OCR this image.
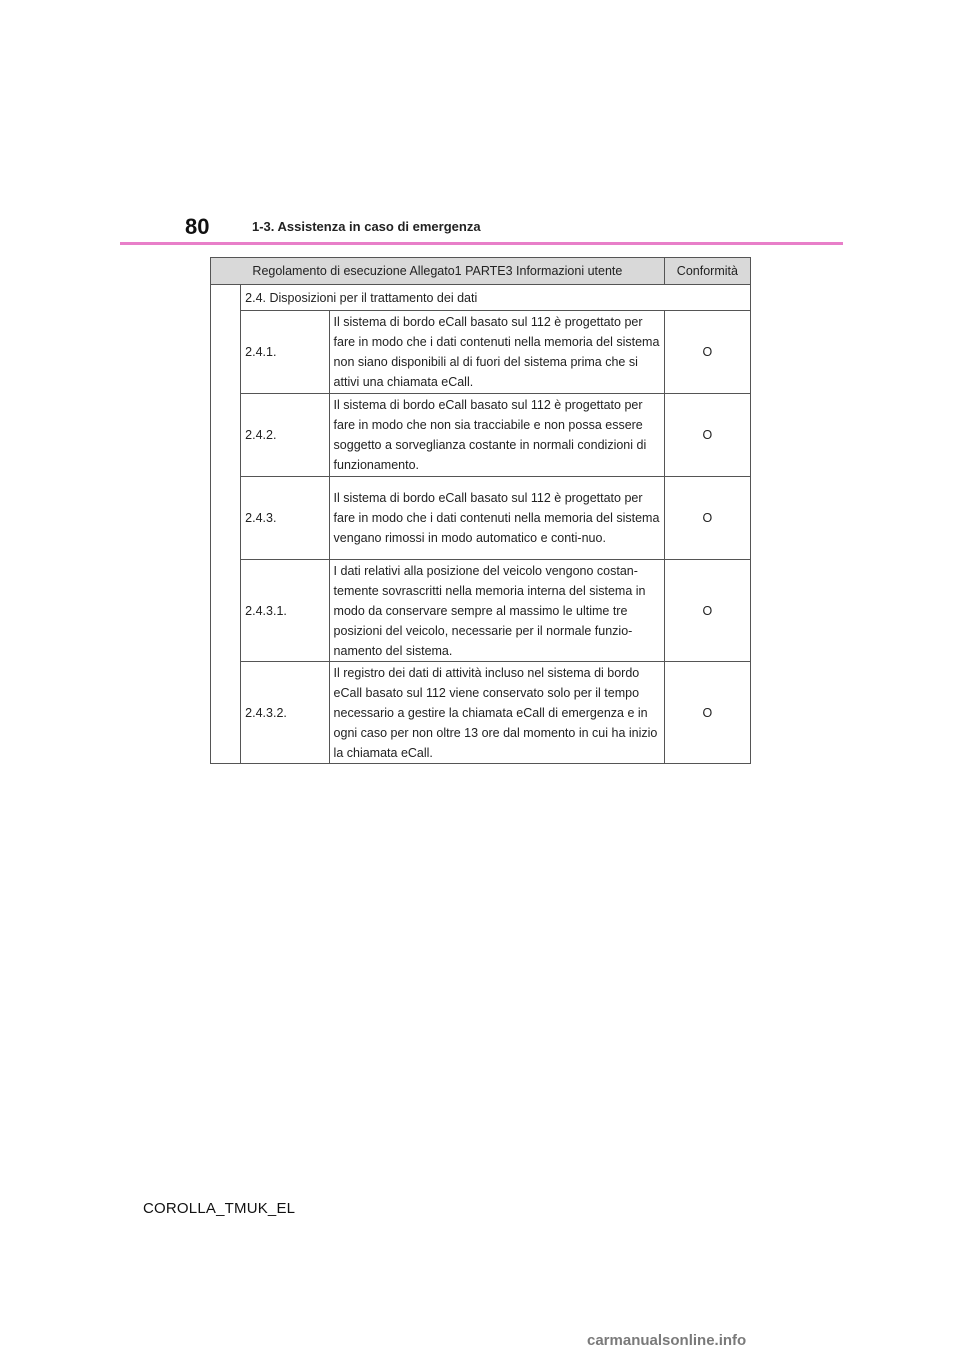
80	1-3. Assistenza in caso di emergenza
Regolamento di esecuzione Allegato1 PARTE3 Informazioni utente			Conformità
	2.4. Disposizioni per il trattamento dei dati		
	2.4.1.	Il sistema di bordo eCall basato sul 112 è progettato per fare in modo che i dati contenuti nella memoria del sistema non siano disponibili al di fuori del sistema prima che si attivi una chiamata eCall.	O
	2.4.2.	Il sistema di bordo eCall basato sul 112 è progettato per fare in modo che non sia tracciabile e non possa essere soggetto a sorveglianza costante in normali condizioni di funzionamento.	O
	2.4.3.	Il sistema di bordo eCall basato sul 112 è progettato per fare in modo che i dati contenuti nella memoria del sistema vengano rimossi in modo automatico e conti-nuo.	O
	2.4.3.1.	I dati relativi alla posizione del veicolo vengono costan-temente sovrascritti nella memoria interna del sistema in modo da conservare sempre al massimo le ultime tre posizioni del veicolo, necessarie per il normale funzio-namento del sistema.	O
	2.4.3.2.	Il registro dei dati di attività incluso nel sistema di bordo eCall basato sul 112 viene conservato solo per il tempo necessario a gestire la chiamata eCall di emergenza e in ogni caso per non oltre 13 ore dal momento in cui ha inizio la chiamata eCall.	O
COROLLA_TMUK_EL
carmanualsonline.info
